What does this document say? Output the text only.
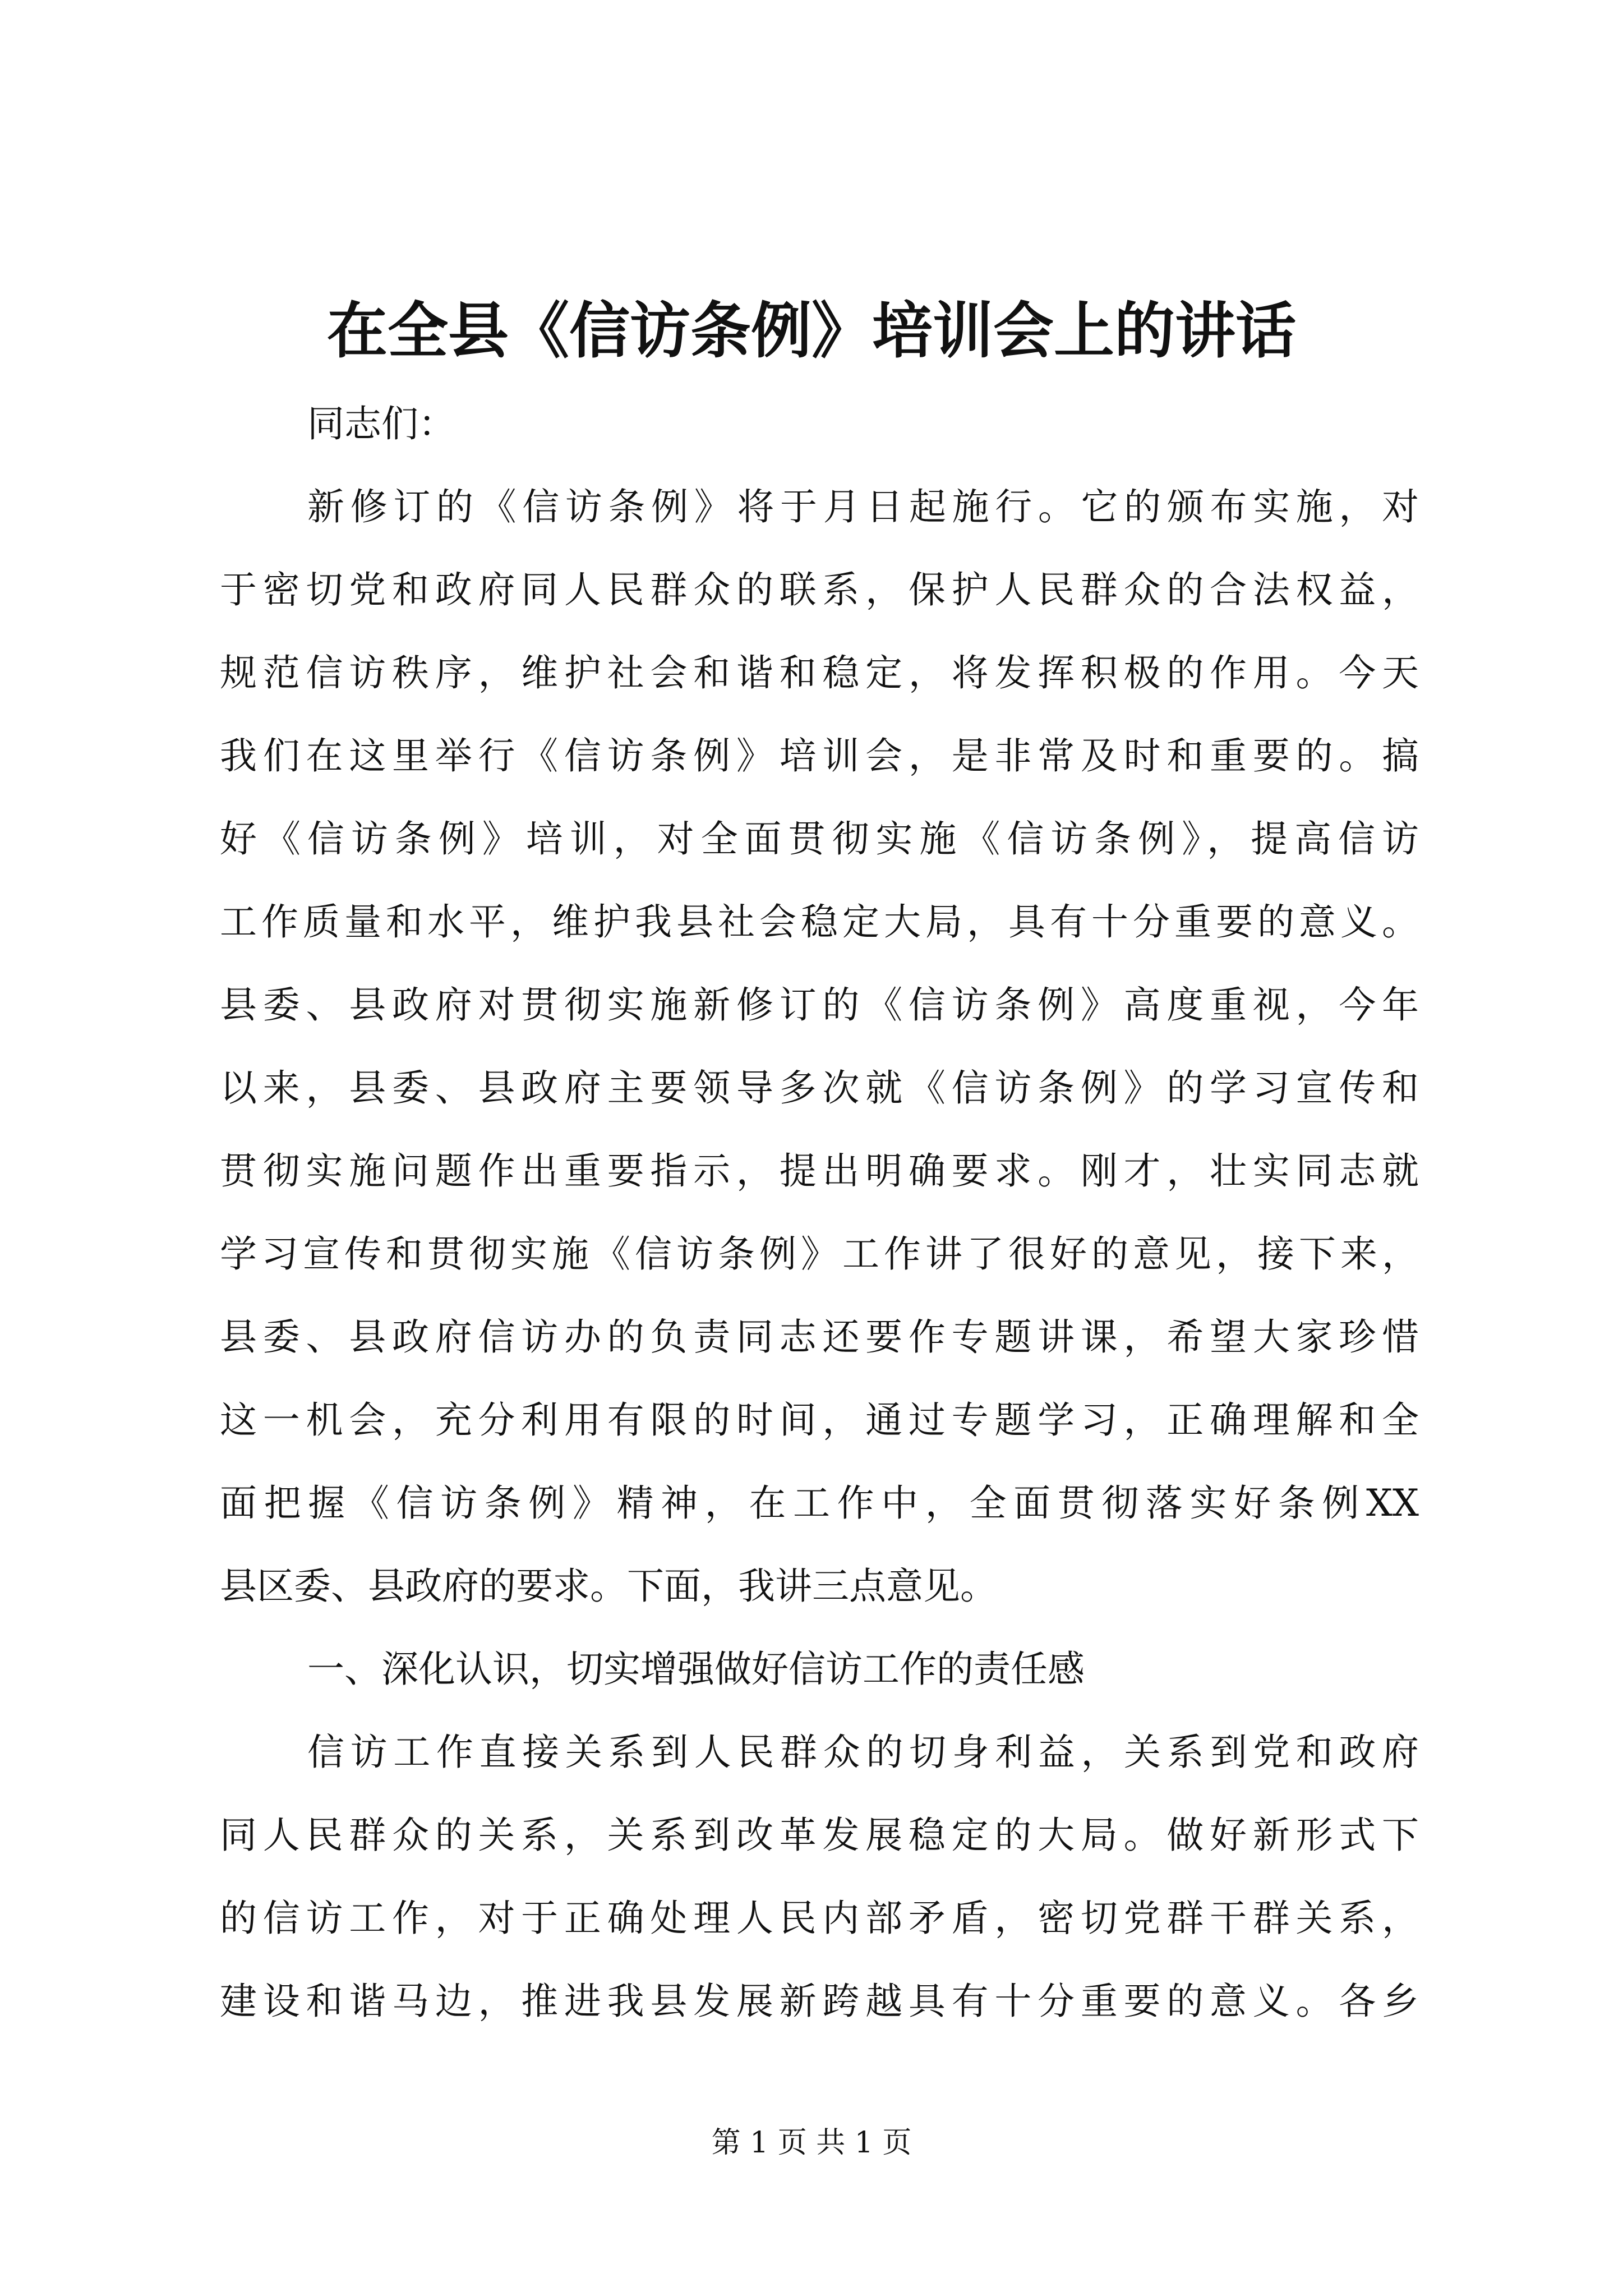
在全县《信访条例》培训会上的讲话
同志们：
新修订的《信访条例》将于月日起施行。它的颁布实施，对
于密切党和政府同人民群众的联系，保护人民群众的合法权益，
规范信访秩序，维护社会和谐和稳定，将发挥积极的作用。今天
我们在这里举行《信访条例》培训会，是非常及时和重要的。搞
好《信访条例》培训，对全面贯彻实施《信访条例》，提高信访
工作质量和水平，维护我县社会稳定大局，具有十分重要的意义。
县委、县政府对贯彻实施新修订的《信访条例》高度重视，今年
以来，县委、县政府主要领导多次就《信访条例》的学习宣传和
贯彻实施问题作出重要指示，提出明确要求。刚才，壮实同志就
学习宣传和贯彻实施《信访条例》工作讲了很好的意见，接下来，
县委、县政府信访办的负责同志还要作专题讲课，希望大家珍惜
这一机会，充分利用有限的时间，通过专题学习，正确理解和全
面把握《信访条例》精神，在工作中，全面贯彻落实好条例XX
县区委、县政府的要求。下面，我讲三点意见。
一、深化认识，切实增强做好信访工作的责任感
信访工作直接关系到人民群众的切身利益，关系到党和政府
同人民群众的关系，关系到改革发展稳定的大局。做好新形式下
的信访工作，对于正确处理人民内部矛盾，密切党群干群关系，
建设和谐马边，推进我县发展新跨越具有十分重要的意义。各乡
第 1 页 共 1 页
